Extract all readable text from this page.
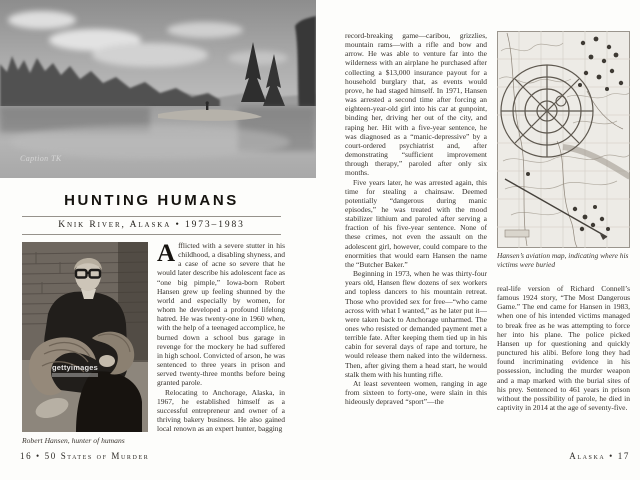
Caption TK
HUNTING HUMANS
Knik River, Alaska • 1973–1983
gettyimages
Robert Hansen, hunter of humans

Afflicted with a severe stutter in his childhood, a disabling shyness, and a case of acne so severe that he would later describe his adolescent face as “one big pimple,” Iowa-born Robert Hansen grew up feeling shunned by the world and especially by women, for whom he developed a profound lifelong hatred. He was twenty-one in 1960 when, with the help of a teenaged accomplice, he burned down a school bus garage in revenge for the mockery he had suffered in high school. Convicted of arson, he was sentenced to three years in prison and served twenty-three months before being granted parole.

Relocating to Anchorage, Alaska, in 1967, he established himself as a successful entrepreneur and owner of a thriving bakery business. He also gained local renown as an expert hunter, bagging

16 • 50 States of Murder

record-breaking game—caribou, grizzlies, mountain rams—with a rifle and bow and arrow. He was able to venture far into the wilderness with an airplane he purchased after collecting a $13,000 insurance payout for a household burglary that, as events would prove, he had staged himself. In 1971, Hansen was arrested a second time after forcing an eighteen-year-old girl into his car at gunpoint, binding her, driving her out of the city, and raping her. Hit with a five-year sentence, he was diagnosed as a “manic-depressive” by a court-ordered psychiatrist and, after demonstrating “sufficient improvement through therapy,” paroled after only six months.

Five years later, he was arrested again, this time for stealing a chainsaw. Deemed potentially “dangerous during manic episodes,” he was treated with the mood stabilizer lithium and paroled after serving a fraction of his five-year sentence. None of these crimes, not even the assault on the adolescent girl, however, could compare to the enormities that would earn Hansen the name the “Butcher Baker.”

Beginning in 1973, when he was thirty-four years old, Hansen flew dozens of sex workers and topless dancers to his mountain retreat. Those who provided sex for free—“who came across with what I wanted,” as he later put it—were taken back to Anchorage unharmed. The ones who resisted or demanded payment met a terrible fate. After keeping them tied up in his cabin for several days of rape and torture, he would release them naked into the wilderness. Then, after giving them a head start, he would stalk them with his hunting rifle.

At least seventeen women, ranging in age from sixteen to forty-one, were slain in this hideously depraved “sport”—the

Hansen’s aviation map, indicating where his victims were buried

real-life version of Richard Connell’s famous 1924 story, “The Most Dangerous Game.” The end came for Hansen in 1983, when one of his intended victims managed to break free as he was attempting to force her into his plane. The police picked Hansen up for questioning and quickly punctured his alibi. Before long they had found incriminating evidence in his possession, including the murder weapon and a map marked with the burial sites of his prey. Sentenced to 461 years in prison without the possibility of parole, he died in captivity in 2014 at the age of seventy-five.

Alaska • 17
